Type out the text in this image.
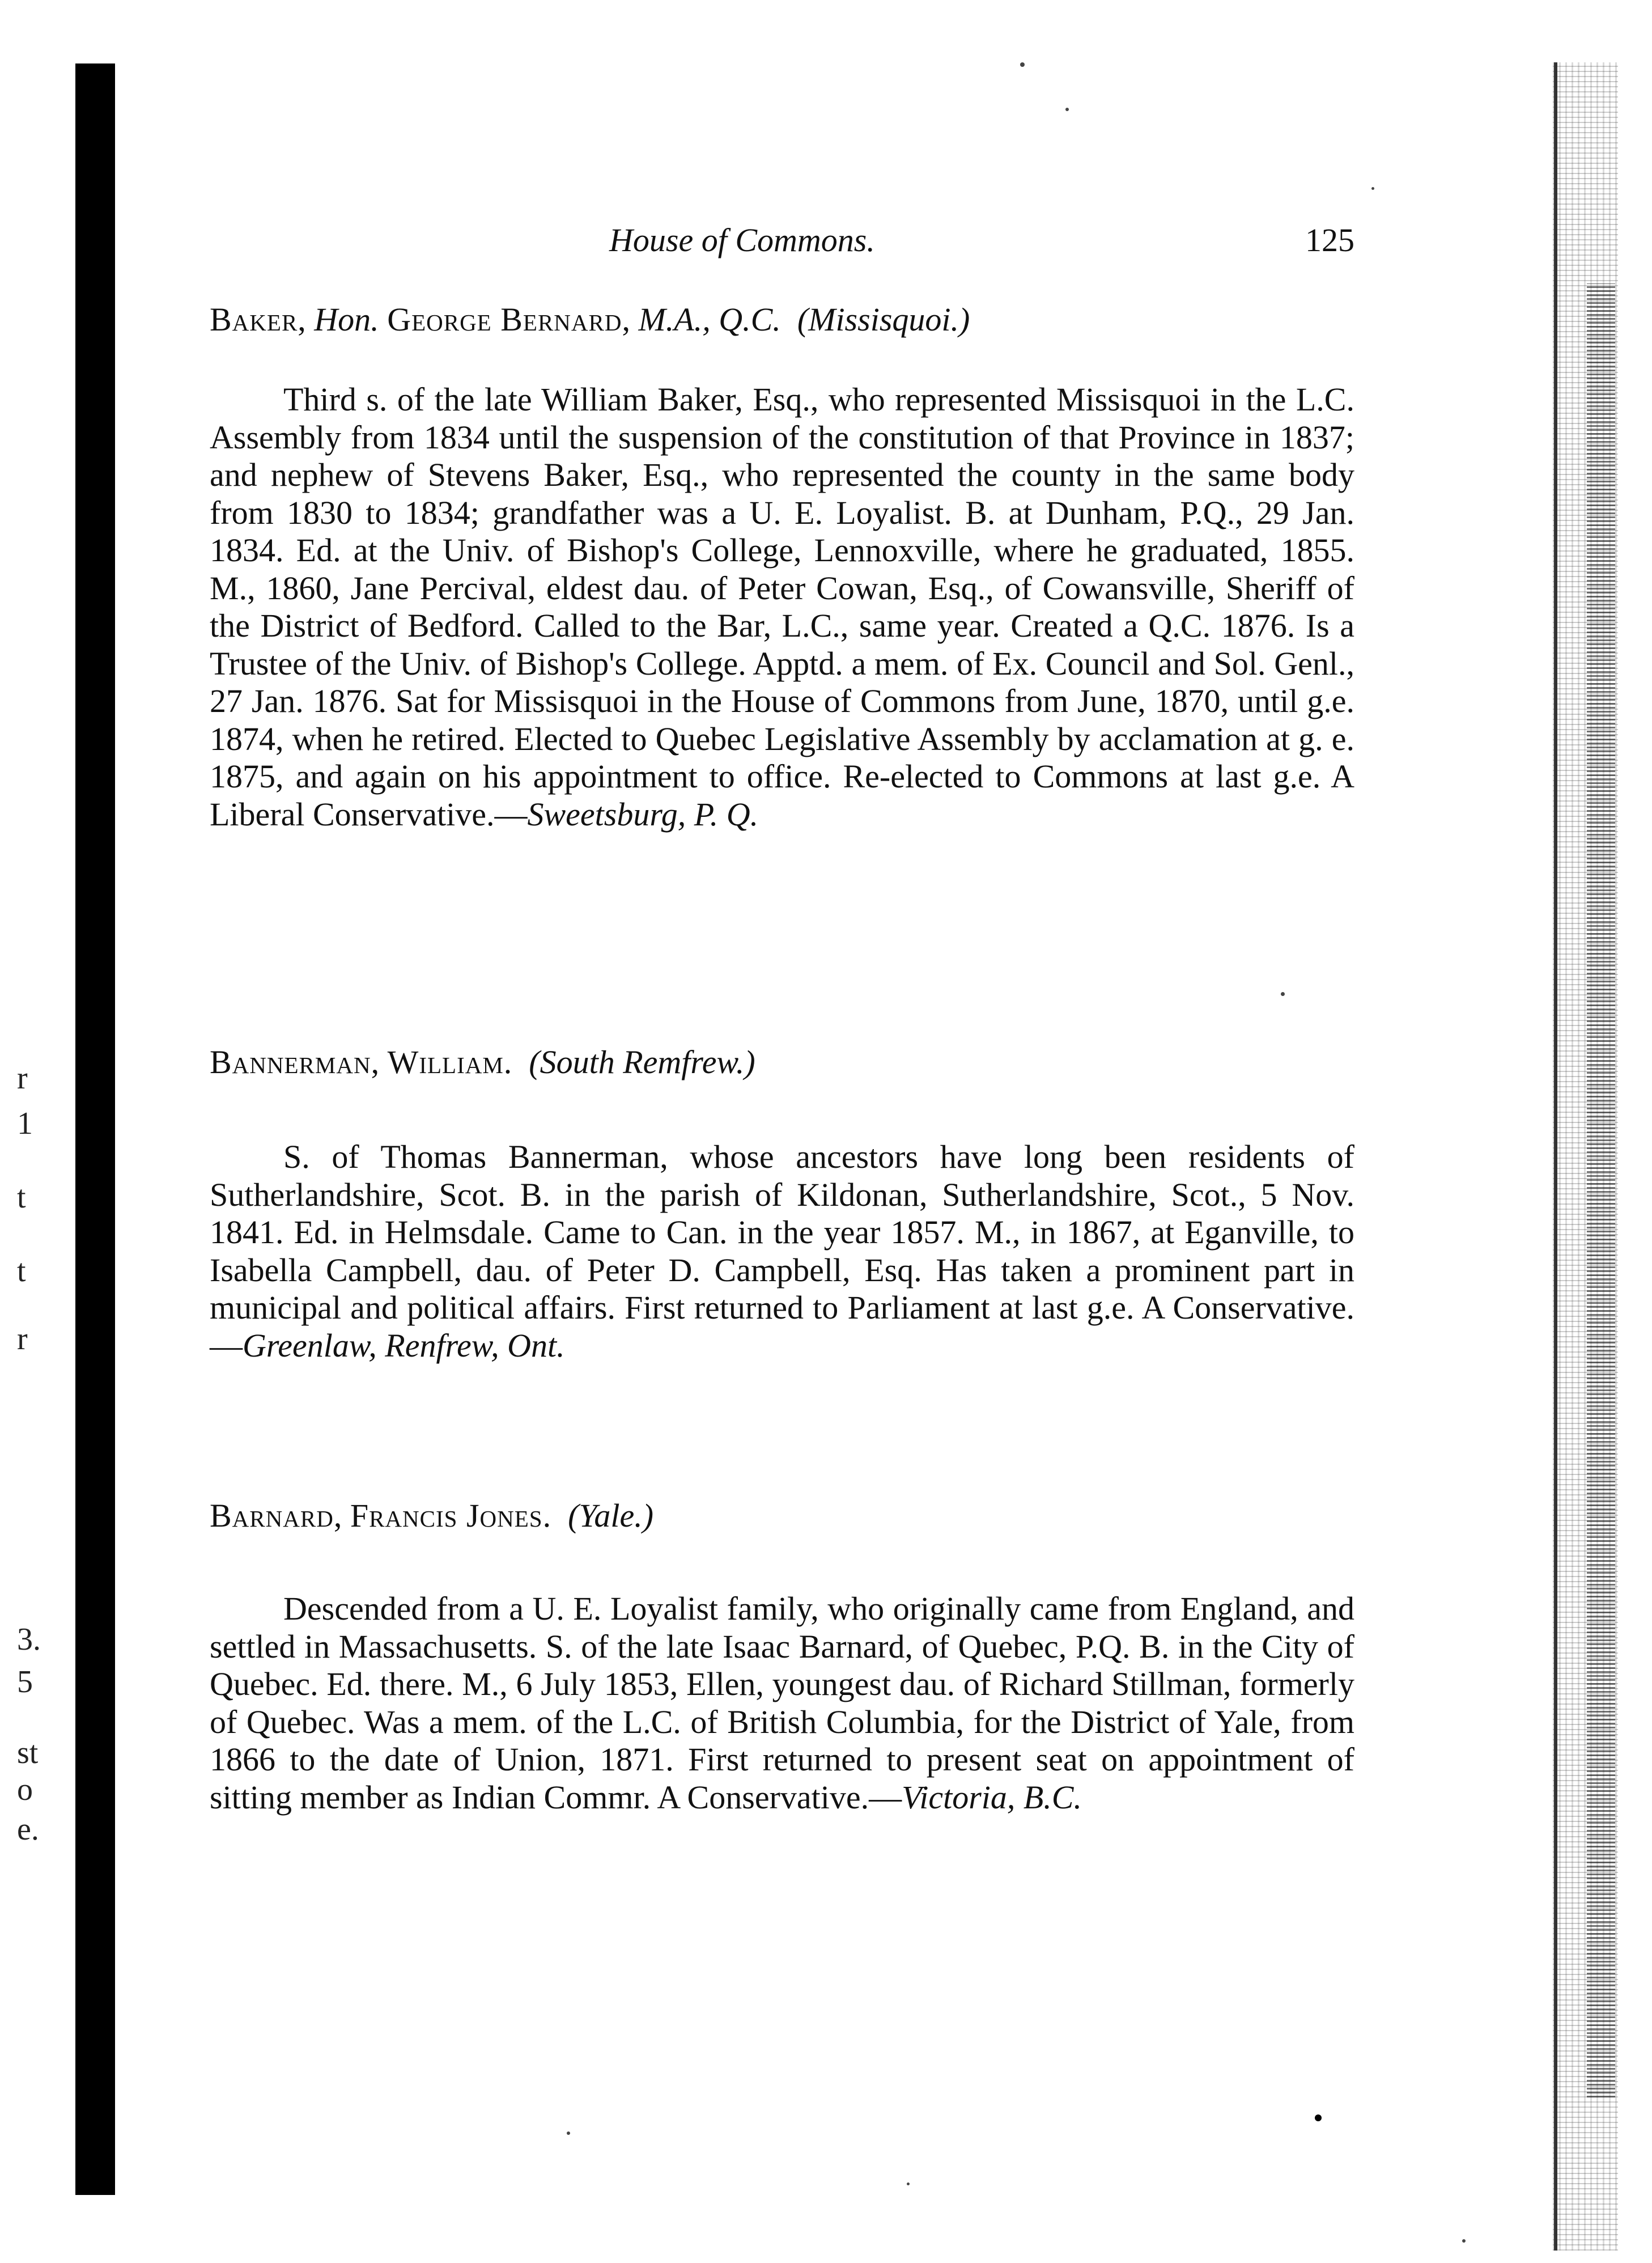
r
1
t
t
r
3.
5
st
o
e.
House of Commons.	125
Baker, Hon. George Bernard, M.A., Q.C. (Missisquoi.)

Third s. of the late William Baker, Esq., who represented Missisquoi in the L.C. Assembly from 1834 until the suspension of the constitution of that Province in 1837; and nephew of Stevens Baker, Esq., who represented the county in the same body from 1830 to 1834; grandfather was a U. E. Loyalist. B. at Dunham, P.Q., 29 Jan. 1834. Ed. at the Univ. of Bishop's College, Lennoxville, where he graduated, 1855. M., 1860, Jane Percival, eldest dau. of Peter Cowan, Esq., of Cowansville, Sheriff of the District of Bedford. Called to the Bar, L.C., same year. Created a Q.C. 1876. Is a Trustee of the Univ. of Bishop's College. Apptd. a mem. of Ex. Council and Sol. Genl., 27 Jan. 1876. Sat for Missisquoi in the House of Commons from June, 1870, until g.e. 1874, when he retired. Elected to Quebec Legislative Assembly by acclamation at g. e. 1875, and again on his appointment to office. Re-elected to Commons at last g.e. A Liberal Conservative.—Sweetsburg, P. Q.

Bannerman, William. (South Remfrew.)

S. of Thomas Bannerman, whose ancestors have long been residents of Sutherlandshire, Scot. B. in the parish of Kildonan, Sutherlandshire, Scot., 5 Nov. 1841. Ed. in Helmsdale. Came to Can. in the year 1857. M., in 1867, at Eganville, to Isabella Campbell, dau. of Peter D. Campbell, Esq. Has taken a prominent part in municipal and political affairs. First returned to Parliament at last g.e. A Conservative.—Greenlaw, Renfrew, Ont.

Barnard, Francis Jones. (Yale.)

Descended from a U. E. Loyalist family, who originally came from England, and settled in Massachusetts. S. of the late Isaac Barnard, of Quebec, P.Q. B. in the City of Quebec. Ed. there. M., 6 July 1853, Ellen, youngest dau. of Richard Stillman, formerly of Quebec. Was a mem. of the L.C. of British Columbia, for the District of Yale, from 1866 to the date of Union, 1871. First returned to present seat on appointment of sitting member as Indian Commr. A Conservative.—Victoria, B.C.
